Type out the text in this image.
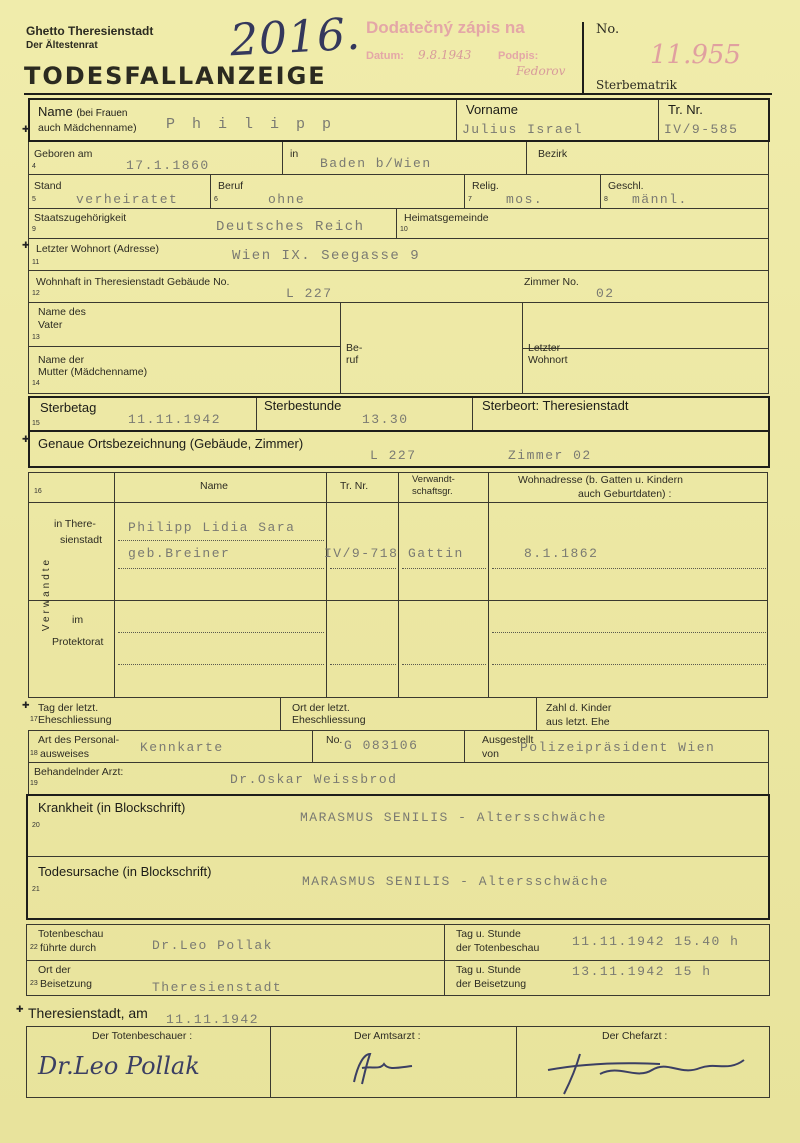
Ghetto Theresienstadt
Der Ältestenrat
TODESFALLANZEIGE
2016. Dodatečný zápis na
Datum: 9.8.1943 Podpis:
Fedorov
No.
11.955
Sterbematrik
Name (bei Frauen
auch Mädchenname) P h i l i p p
Vorname
Julius Israel
Tr. Nr.
IV/9-585
Geboren am
4	17.1.1860
in
Baden b/Wien
Bezirk
Stand
5	verheiratet
Beruf
6	ohne
Relig.
7	mos.
Geschl.
8 männl.
Staatszugehörigkeit
9	Deutsches Reich
Heimatsgemeinde
10
Letzter Wohnort (Adresse)
11	Wien IX. Seegasse 9
Wohnhaft in Theresienstadt Gebäude No.
12	L 227
Zimmer No.
02
Name des
Vater
13
Name der
Mutter (Mädchenname)
14
Be-
ruf
Letzter
Wohnort
Sterbetag
15	11.11.1942
Sterbestunde
13.30
Sterbeort: Theresienstadt
Genaue Ortsbezeichnung (Gebäude, Zimmer)
L 227	Zimmer 02
16	Name	Tr. Nr.
Verwandt-
schaftsgr.
Wohnadresse (b. Gatten u. Kindern
auch Geburtdaten) :
in There-
sienstadt
im
Protektorat
Verwandte
Philipp Lidia Sara
geb.Breiner	IV/9-718 Gattin	8.1.1862
Tag der letzt.
17 Eheschliessung
Ort der letzt.
Eheschliessung
Zahl d. Kinder
aus letzt. Ehe
Art des Personal-
18 ausweises	Kennkarte	No. G 083106	Ausgestellt
von Polizeipräsident Wien
Behandelnder Arzt:
19	Dr.Oskar Weissbrod
Krankheit (in Blockschrift)
20
MARASMUS SENILIS - Altersschwäche
Todesursache (in Blockschrift)
21
MARASMUS SENILIS - Altersschwäche
Totenbeschau
22 führte durch	Dr.Leo Pollak
Tag u. Stunde
der Totenbeschau	11.11.1942 15.40 h
Ort der
23 Beisetzung	Theresienstadt
Tag u. Stunde
der Beisetzung
13.11.1942 15 h
Theresienstadt, am 11.11.1942
Der Totenbeschauer :	Der Amtsarzt :	Der Chefarzt :
Dr.Leo Pollak
✚
✚
✚
✚
✚
